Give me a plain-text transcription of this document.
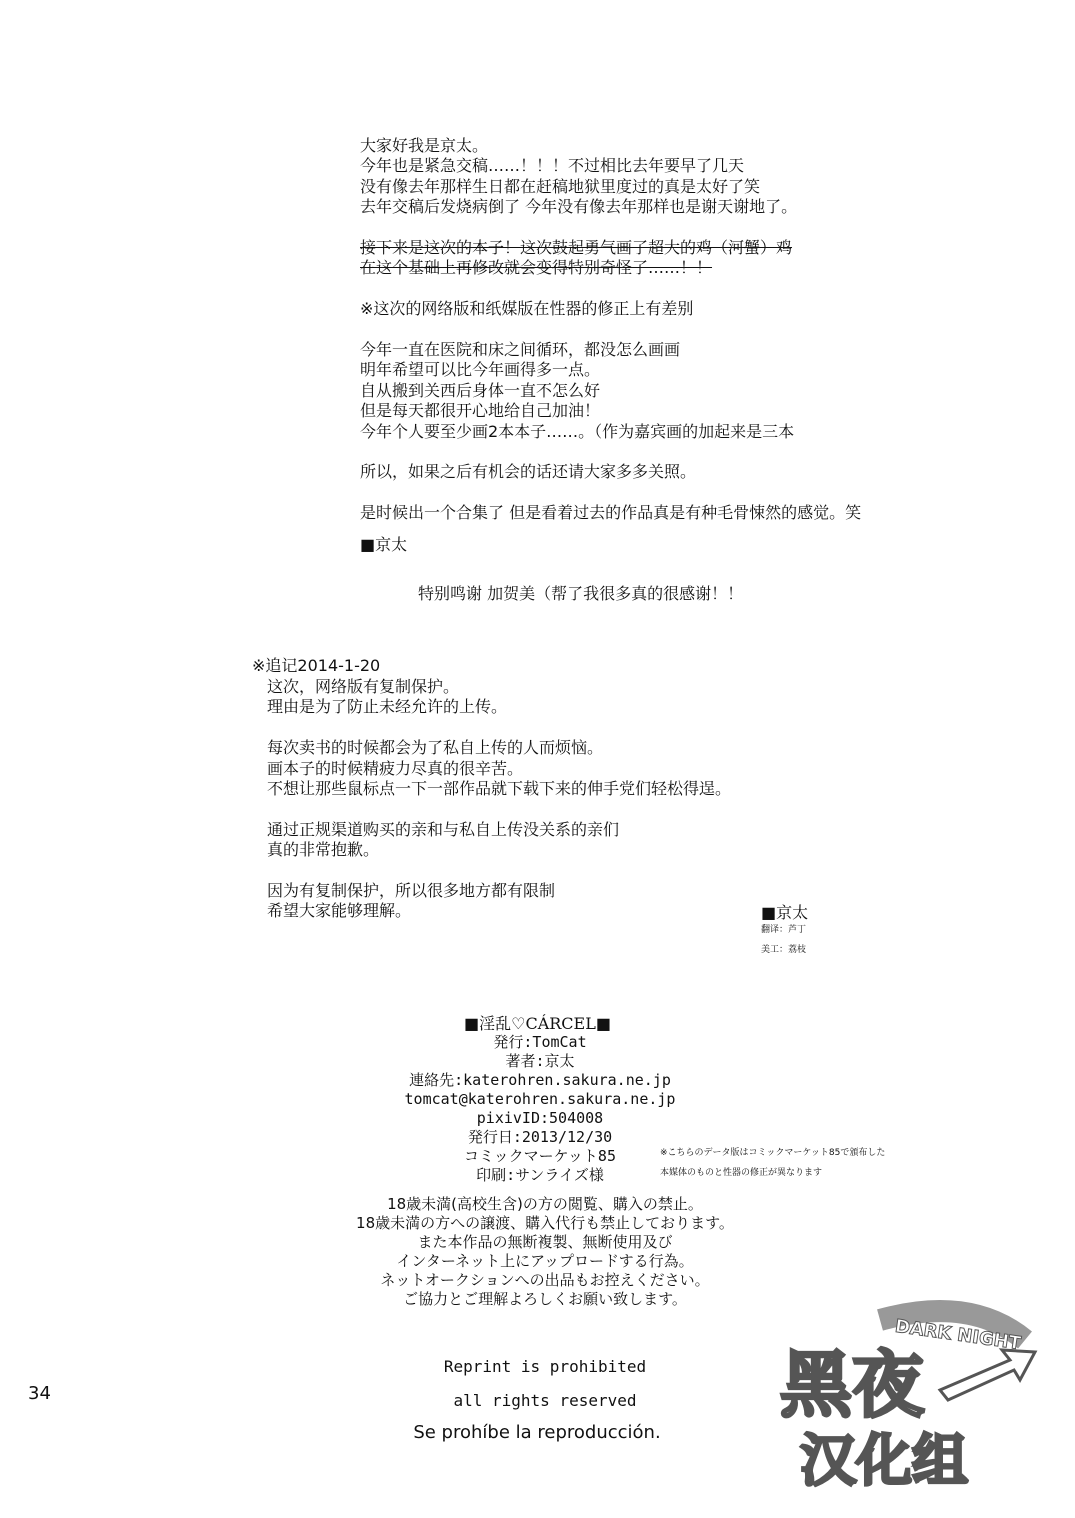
大家好我是京太。
今年也是紧急交稿……！！！不过相比去年要早了几天
没有像去年那样生日都在赶稿地狱里度过的真是太好了笑
去年交稿后发烧病倒了 今年没有像去年那样也是谢天谢地了。
接下来是这次的本子！这次鼓起勇气画了超大的鸡（河蟹）鸡
在这个基础上再修改就会变得特别奇怪了……！！
※这次的网络版和纸媒版在性器的修正上有差别
今年一直在医院和床之间循环，都没怎么画画
明年希望可以比今年画得多一点。
自从搬到关西后身体一直不怎么好
但是每天都很开心地给自己加油！
今年个人要至少画2本本子……。（作为嘉宾画的加起来是三本
所以，如果之后有机会的话还请大家多多关照。
是时候出一个合集了 但是看着过去的作品真是有种毛骨悚然的感觉。笑
■京太
特别鸣谢 加贺美（帮了我很多真的很感谢！！
※追记2014-1-20
这次，网络版有复制保护。
理由是为了防止未经允许的上传。
每次卖书的时候都会为了私自上传的人而烦恼。
画本子的时候精疲力尽真的很辛苦。
不想让那些鼠标点一下一部作品就下载下来的伸手党们轻松得逞。
通过正规渠道购买的亲和与私自上传没关系的亲们
真的非常抱歉。
因为有复制保护，所以很多地方都有限制
希望大家能够理解。	■京太
翻译：芦丁
美工：荔枝
■淫乱♡CÁRCEL■
発行:TomCat
著者:京太
連絡先:katerohren.sakura.ne.jp
tomcat@katerohren.sakura.ne.jp
pixivID:504008
発行日:2013/12/30
コミックマーケット85
印刷:サンライズ様
※こちらのデータ版はコミックマーケット85で頒布した
本媒体のものと性器の修正が異なります
18歳未満(高校生含)の方の閲覧、購入の禁止。
18歳未満の方への譲渡、購入代行も禁止しております。
また本作品の無断複製、無断使用及び
インターネット上にアップロードする行為。
ネットオークションへの出品もお控えください。
ご協力とご理解よろしくお願い致します。
Reprint is prohibited
all rights reserved
Se prohíbe la reproducción.
34
DARK NIGHT
黑夜
汉化组
